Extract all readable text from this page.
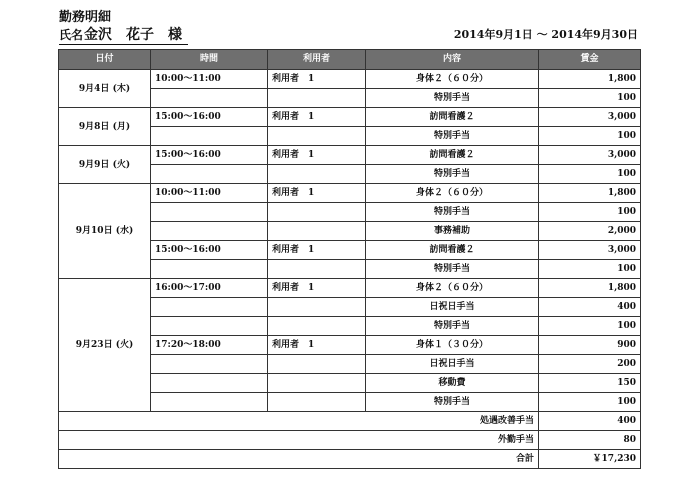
勤務明細
氏名金沢　花子　様	2014年9月1日 〜 2014年9月30日
日付	時間	利用者	内容	賃金
9月4日 (木)	10:00〜11:00	利用者　1	身体２（６０分）	1,800
			特別手当	100
9月8日 (月)	15:00〜16:00	利用者　1	訪問看護２	3,000
			特別手当	100
9月9日 (火)	15:00〜16:00	利用者　1	訪問看護２	3,000
			特別手当	100
9月10日 (水)	10:00〜11:00	利用者　1	身体２（６０分）	1,800
			特別手当	100
			事務補助	2,000
	15:00〜16:00	利用者　1	訪問看護２	3,000
			特別手当	100
9月23日 (火)	16:00〜17:00	利用者　1	身体２（６０分）	1,800
			日祝日手当	400
			特別手当	100
	17:20〜18:00	利用者　1	身体１（３０分）	900
			日祝日手当	200
			移動費	150
			特別手当	100
処遇改善手当				400
外勤手当				80
合計				￥17,230
